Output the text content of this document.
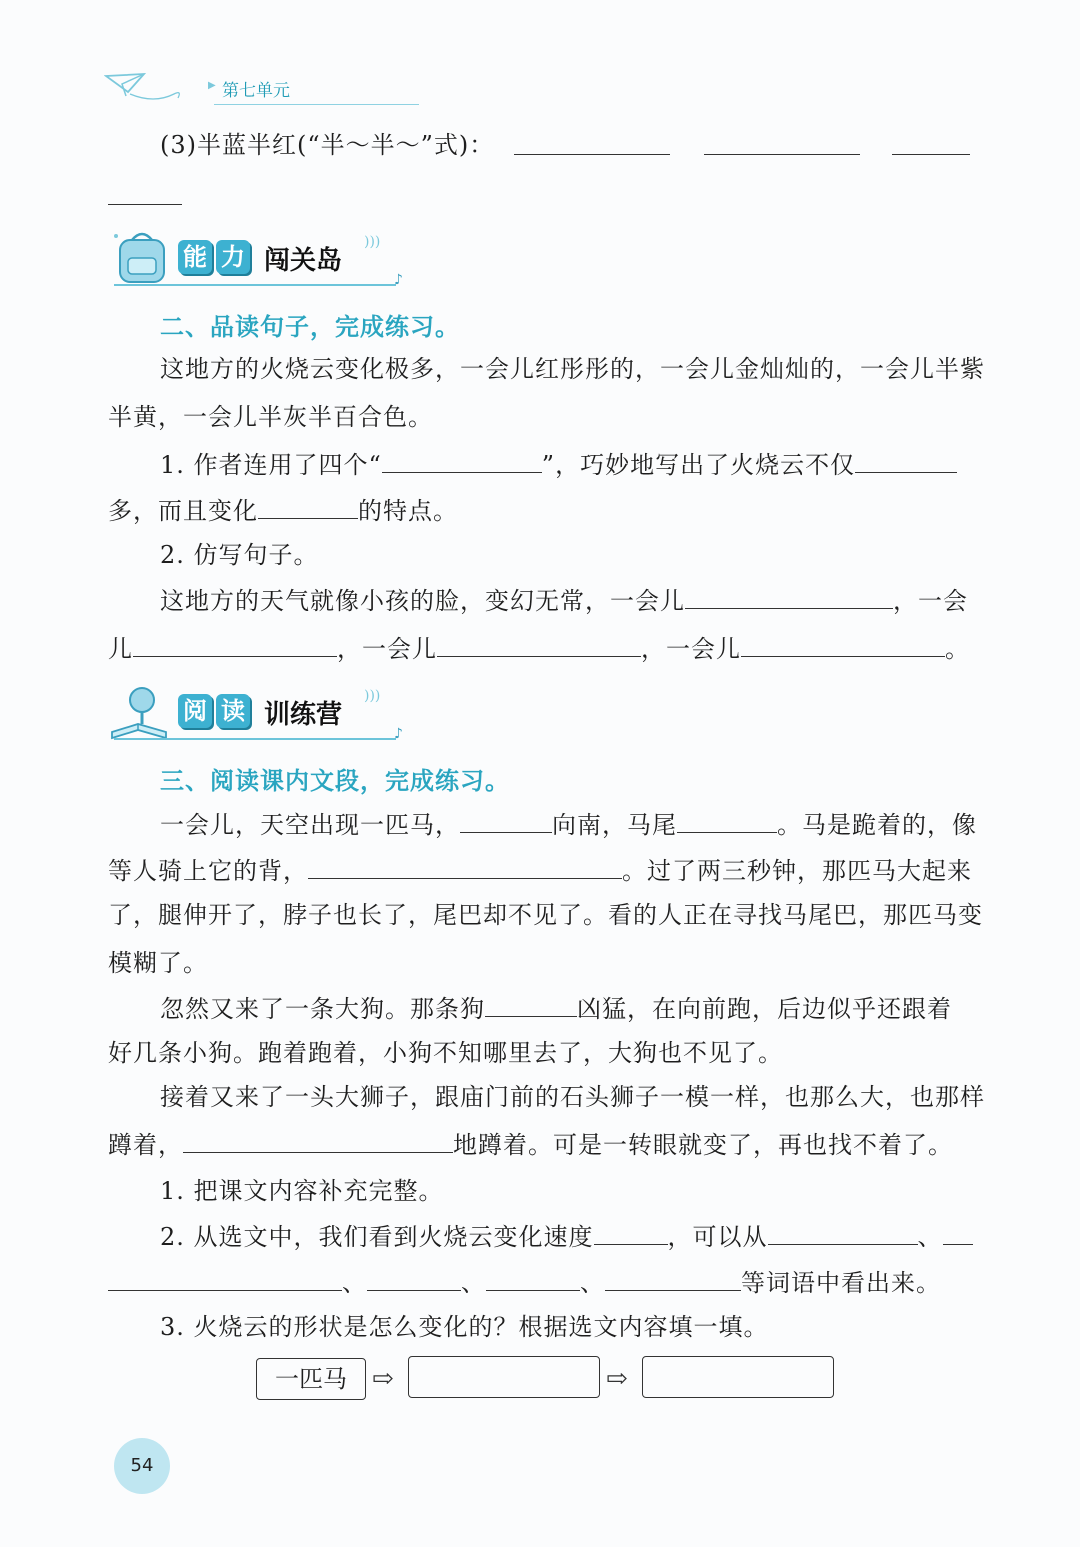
▶ 第七单元
(3)半蓝半红(“半～半～”式)：
能 力 闯关岛
)))
♪
二、品读句子，完成练习。
这地方的火烧云变化极多，一会儿红彤彤的，一会儿金灿灿的，一会儿半紫
半黄，一会儿半灰半百合色。
1. 作者连用了四个“	”，巧妙地写出了火烧云不仅
多，而且变化	的特点。
2. 仿写句子。
这地方的天气就像小孩的脸，变幻无常，一会儿	，一会
儿	，一会儿	，一会儿	。
阅 读 训练营
)))
♪
三、阅读课内文段，完成练习。
一会儿，天空出现一匹马，	向南，马尾	。马是跪着的，像
等人骑上它的背，	。过了两三秒钟，那匹马大起来
了，腿伸开了，脖子也长了，尾巴却不见了。看的人正在寻找马尾巴，那匹马变
模糊了。
忽然又来了一条大狗。那条狗	凶猛，在向前跑，后边似乎还跟着
好几条小狗。跑着跑着，小狗不知哪里去了，大狗也不见了。
接着又来了一头大狮子，跟庙门前的石头狮子一模一样，也那么大，也那样
蹲着，	地蹲着。可是一转眼就变了，再也找不着了。
1. 把课文内容补充完整。
2. 从选文中，我们看到火烧云变化速度	，可以从	、
、	、	、	等词语中看出来。
3. 火烧云的形状是怎么变化的？根据选文内容填一填。
一匹马 ⇨	⇨
54
